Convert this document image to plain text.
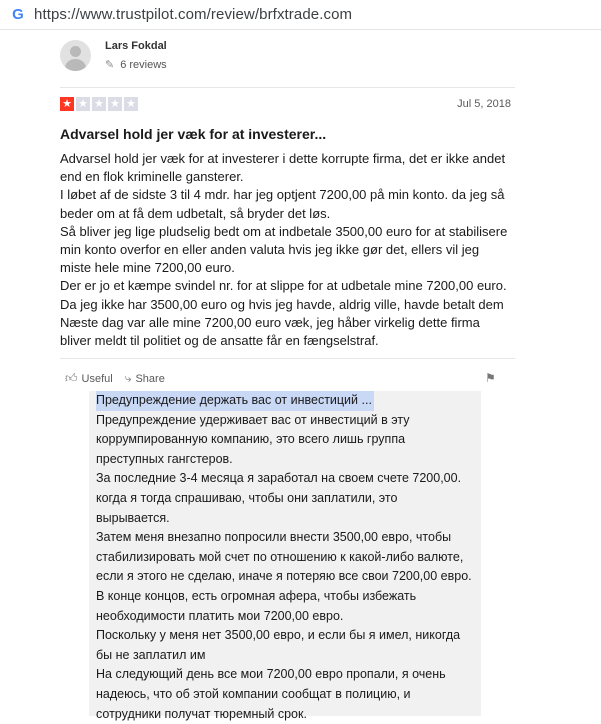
G https://www.trustpilot.com/review/brfxtrade.com
Lars Fokdal
✎ 6 reviews
★ ★ ★ ★ ★	Jul 5, 2018
Advarsel hold jer væk for at investerer...
Advarsel hold jer væk for at investerer i dette korrupte firma, det er ikke andet
end en flok kriminelle gansterer.
I løbet af de sidste 3 til 4 mdr. har jeg optjent 7200,00 på min konto. da jeg så
beder om at få dem udbetalt, så bryder det løs.
Så bliver jeg lige pludselig bedt om at indbetale 3500,00 euro for at stabilisere
min konto overfor en eller anden valuta hvis jeg ikke gør det, ellers vil jeg
miste hele mine 7200,00 euro.
Der er jo et kæmpe svindel nr. for at slippe for at udbetale mine 7200,00 euro.
Da jeg ikke har 3500,00 euro og hvis jeg havde, aldrig ville, havde betalt dem
Næste dag var alle mine 7200,00 euro væk, jeg håber virkelig dette firma
bliver meldt til politiet og de ansatte får en fængselstraf.
👍︎ Useful ⤷ Share	⚑
Предупреждение держать вас от инвестиций ...
Предупреждение удерживает вас от инвестиций в эту
коррумпированную компанию, это всего лишь группа
преступных гангстеров.
За последние 3-4 месяца я заработал на своем счете 7200,00.
когда я тогда спрашиваю, чтобы они заплатили, это
вырывается.
Затем меня внезапно попросили внести 3500,00 евро, чтобы
стабилизировать мой счет по отношению к какой-либо валюте,
если я этого не сделаю, иначе я потеряю все свои 7200,00 евро.
В конце концов, есть огромная афера, чтобы избежать
необходимости платить мои 7200,00 евро.
Поскольку у меня нет 3500,00 евро, и если бы я имел, никогда
бы не заплатил им
На следующий день все мои 7200,00 евро пропали, я очень
надеюсь, что об этой компании сообщат в полицию, и
сотрудники получат тюремный срок.
